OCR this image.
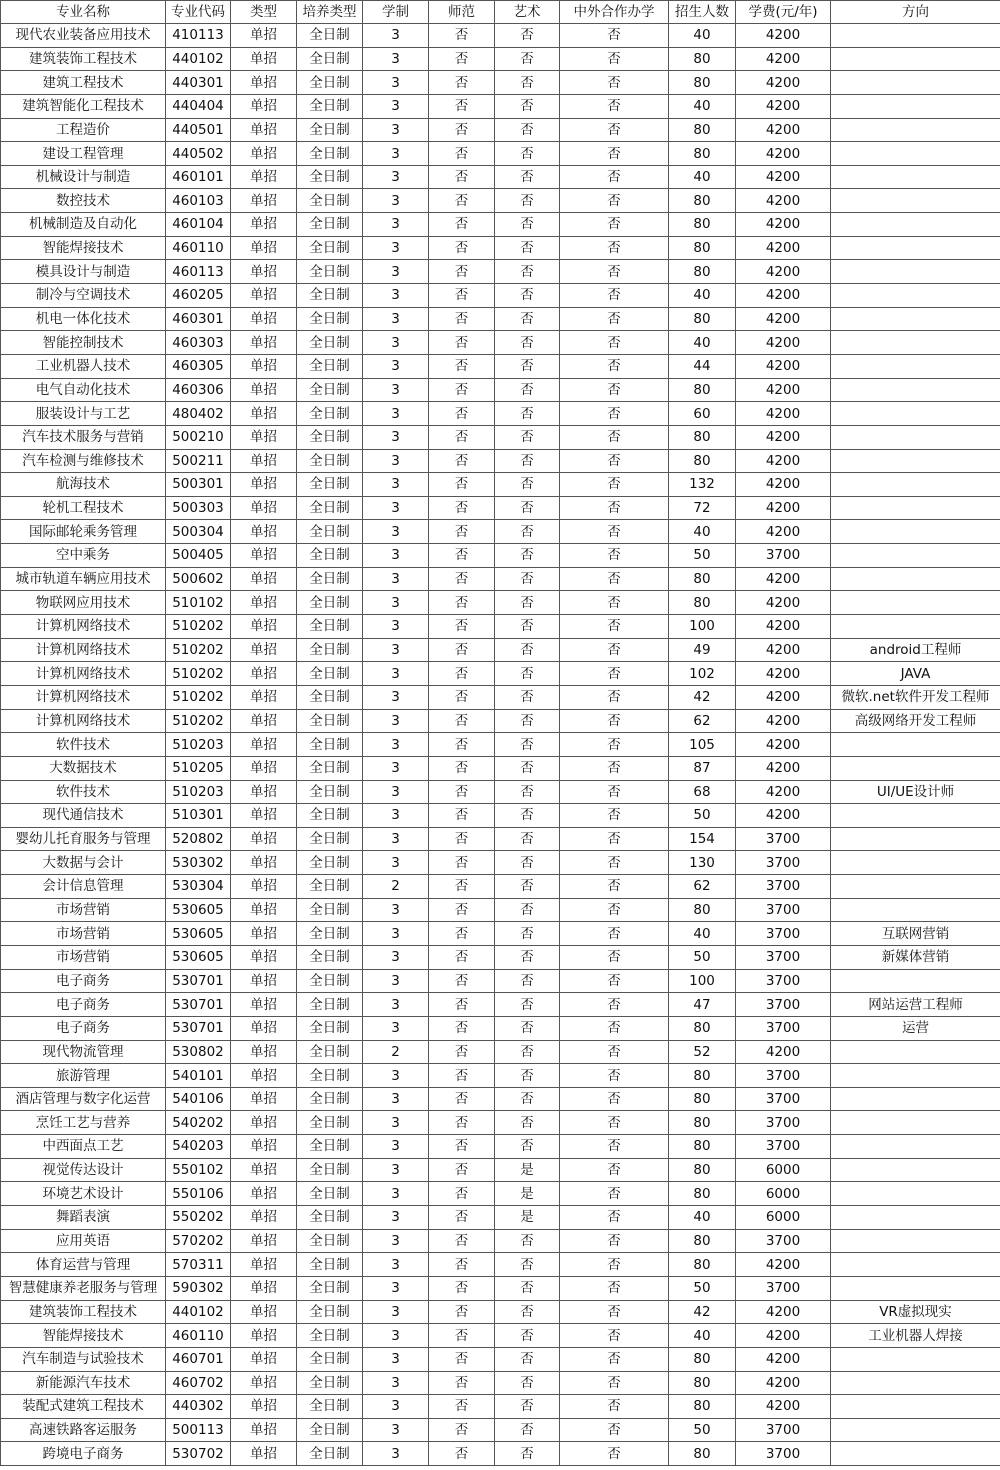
专业名称	专业代码	类型	培养类型	学制	师范	艺术	中外合作办学	招生人数	学费(元/年)	方向
现代农业装备应用技术	410113	单招	全日制	3	否	否	否	40	4200	
建筑装饰工程技术	440102	单招	全日制	3	否	否	否	80	4200	
建筑工程技术	440301	单招	全日制	3	否	否	否	80	4200	
建筑智能化工程技术	440404	单招	全日制	3	否	否	否	40	4200	
工程造价	440501	单招	全日制	3	否	否	否	80	4200	
建设工程管理	440502	单招	全日制	3	否	否	否	80	4200	
机械设计与制造	460101	单招	全日制	3	否	否	否	40	4200	
数控技术	460103	单招	全日制	3	否	否	否	80	4200	
机械制造及自动化	460104	单招	全日制	3	否	否	否	80	4200	
智能焊接技术	460110	单招	全日制	3	否	否	否	80	4200	
模具设计与制造	460113	单招	全日制	3	否	否	否	80	4200	
制冷与空调技术	460205	单招	全日制	3	否	否	否	40	4200	
机电一体化技术	460301	单招	全日制	3	否	否	否	80	4200	
智能控制技术	460303	单招	全日制	3	否	否	否	40	4200	
工业机器人技术	460305	单招	全日制	3	否	否	否	44	4200	
电气自动化技术	460306	单招	全日制	3	否	否	否	80	4200	
服装设计与工艺	480402	单招	全日制	3	否	否	否	60	4200	
汽车技术服务与营销	500210	单招	全日制	3	否	否	否	80	4200	
汽车检测与维修技术	500211	单招	全日制	3	否	否	否	80	4200	
航海技术	500301	单招	全日制	3	否	否	否	132	4200	
轮机工程技术	500303	单招	全日制	3	否	否	否	72	4200	
国际邮轮乘务管理	500304	单招	全日制	3	否	否	否	40	4200	
空中乘务	500405	单招	全日制	3	否	否	否	50	3700	
城市轨道车辆应用技术	500602	单招	全日制	3	否	否	否	80	4200	
物联网应用技术	510102	单招	全日制	3	否	否	否	80	4200	
计算机网络技术	510202	单招	全日制	3	否	否	否	100	4200	
计算机网络技术	510202	单招	全日制	3	否	否	否	49	4200	android工程师
计算机网络技术	510202	单招	全日制	3	否	否	否	102	4200	JAVA
计算机网络技术	510202	单招	全日制	3	否	否	否	42	4200	微软.net软件开发工程师
计算机网络技术	510202	单招	全日制	3	否	否	否	62	4200	高级网络开发工程师
软件技术	510203	单招	全日制	3	否	否	否	105	4200	
大数据技术	510205	单招	全日制	3	否	否	否	87	4200	
软件技术	510203	单招	全日制	3	否	否	否	68	4200	UI/UE设计师
现代通信技术	510301	单招	全日制	3	否	否	否	50	4200	
婴幼儿托育服务与管理	520802	单招	全日制	3	否	否	否	154	3700	
大数据与会计	530302	单招	全日制	3	否	否	否	130	3700	
会计信息管理	530304	单招	全日制	2	否	否	否	62	3700	
市场营销	530605	单招	全日制	3	否	否	否	80	3700	
市场营销	530605	单招	全日制	3	否	否	否	40	3700	互联网营销
市场营销	530605	单招	全日制	3	否	否	否	50	3700	新媒体营销
电子商务	530701	单招	全日制	3	否	否	否	100	3700	
电子商务	530701	单招	全日制	3	否	否	否	47	3700	网站运营工程师
电子商务	530701	单招	全日制	3	否	否	否	80	3700	运营
现代物流管理	530802	单招	全日制	2	否	否	否	52	4200	
旅游管理	540101	单招	全日制	3	否	否	否	80	3700	
酒店管理与数字化运营	540106	单招	全日制	3	否	否	否	80	3700	
烹饪工艺与营养	540202	单招	全日制	3	否	否	否	80	3700	
中西面点工艺	540203	单招	全日制	3	否	否	否	80	3700	
视觉传达设计	550102	单招	全日制	3	否	是	否	80	6000	
环境艺术设计	550106	单招	全日制	3	否	是	否	80	6000	
舞蹈表演	550202	单招	全日制	3	否	是	否	40	6000	
应用英语	570202	单招	全日制	3	否	否	否	80	3700	
体育运营与管理	570311	单招	全日制	3	否	否	否	80	4200	
智慧健康养老服务与管理	590302	单招	全日制	3	否	否	否	50	3700	
建筑装饰工程技术	440102	单招	全日制	3	否	否	否	42	4200	VR虚拟现实
智能焊接技术	460110	单招	全日制	3	否	否	否	40	4200	工业机器人焊接
汽车制造与试验技术	460701	单招	全日制	3	否	否	否	80	4200	
新能源汽车技术	460702	单招	全日制	3	否	否	否	80	4200	
装配式建筑工程技术	440302	单招	全日制	3	否	否	否	80	4200	
高速铁路客运服务	500113	单招	全日制	3	否	否	否	50	3700	
跨境电子商务	530702	单招	全日制	3	否	否	否	80	3700	
